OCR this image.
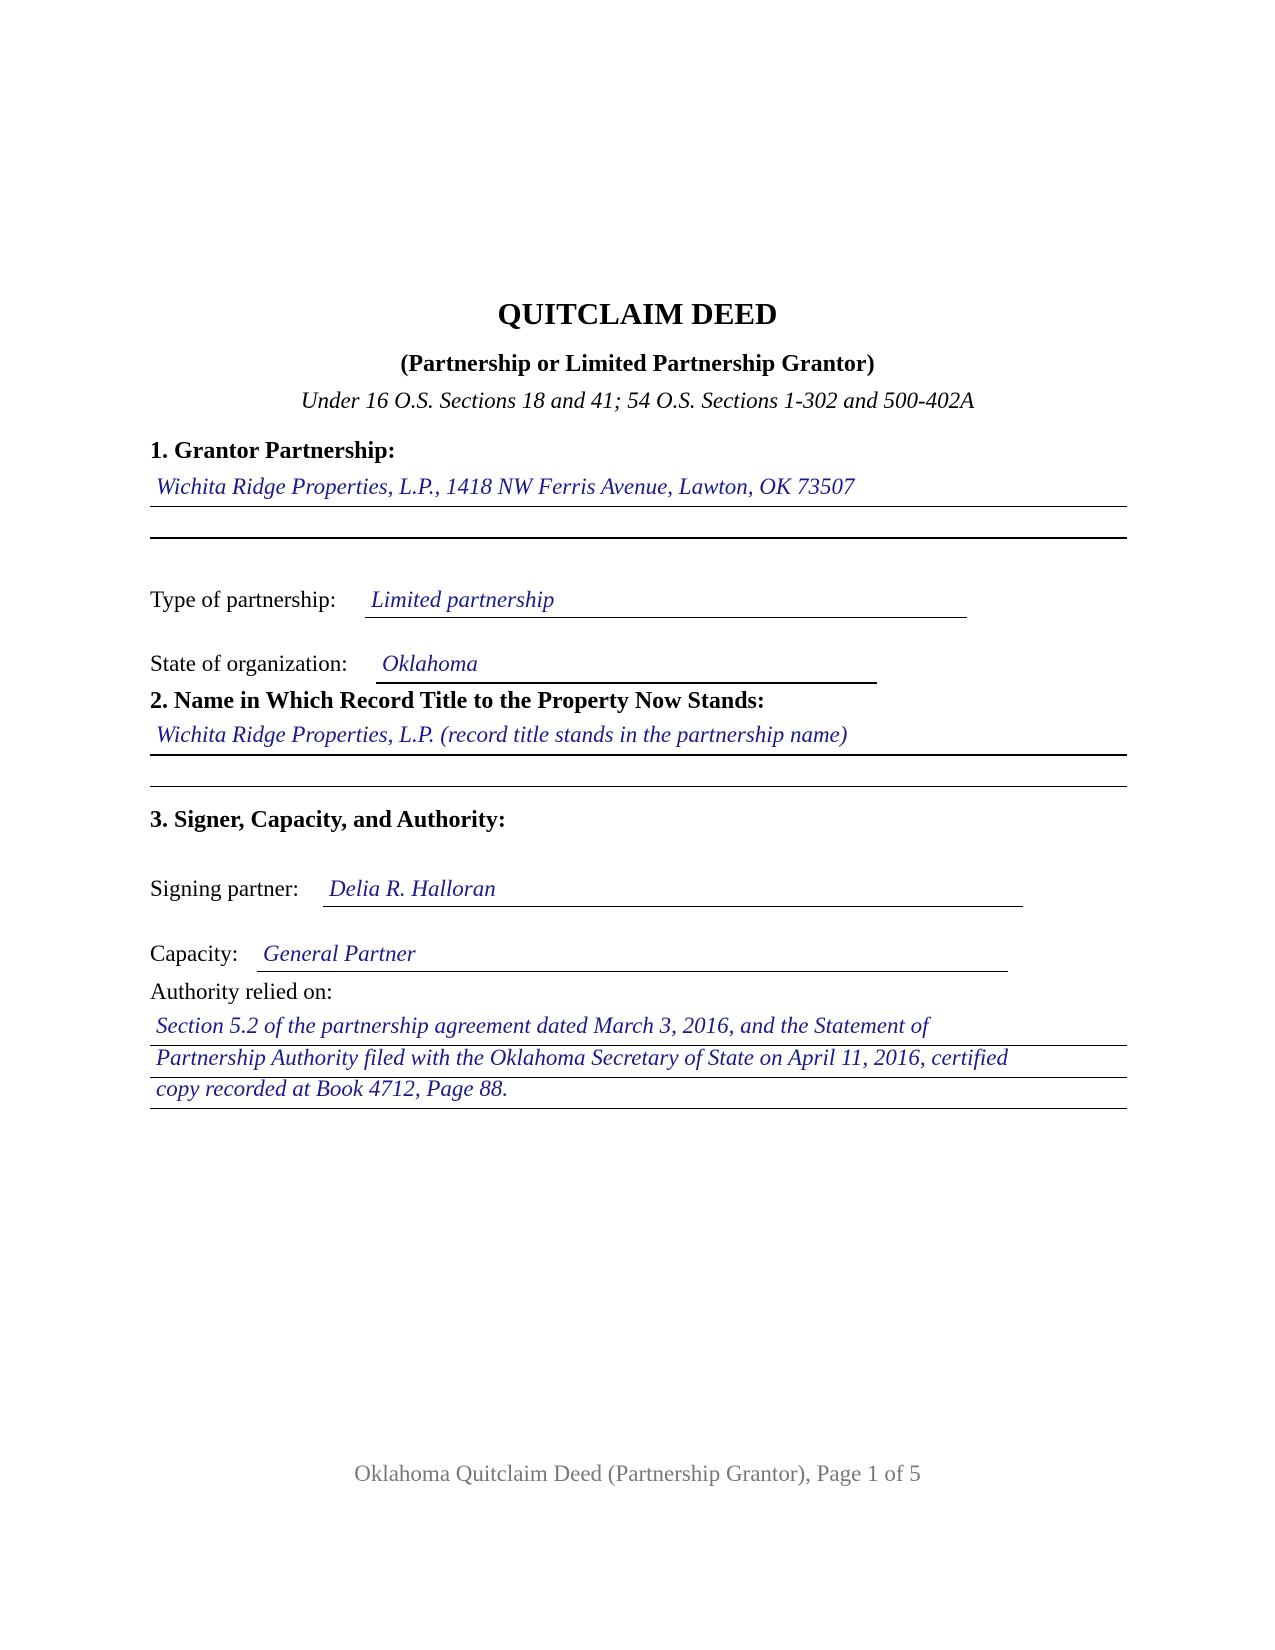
QUITCLAIM DEED
(Partnership or Limited Partnership Grantor)
Under 16 O.S. Sections 18 and 41; 54 O.S. Sections 1-302 and 500-402A
1. Grantor Partnership:
Wichita Ridge Properties, L.P., 1418 NW Ferris Avenue, Lawton, OK 73507
Type of partnership: Limited partnership
State of organization: Oklahoma
2. Name in Which Record Title to the Property Now Stands:
Wichita Ridge Properties, L.P. (record title stands in the partnership name)
3. Signer, Capacity, and Authority:
Signing partner: Delia R. Halloran
Capacity: General Partner
Authority relied on:
Section 5.2 of the partnership agreement dated March 3, 2016, and the Statement of
Partnership Authority filed with the Oklahoma Secretary of State on April 11, 2016, certified
copy recorded at Book 4712, Page 88.
Oklahoma Quitclaim Deed (Partnership Grantor), Page 1 of 5
